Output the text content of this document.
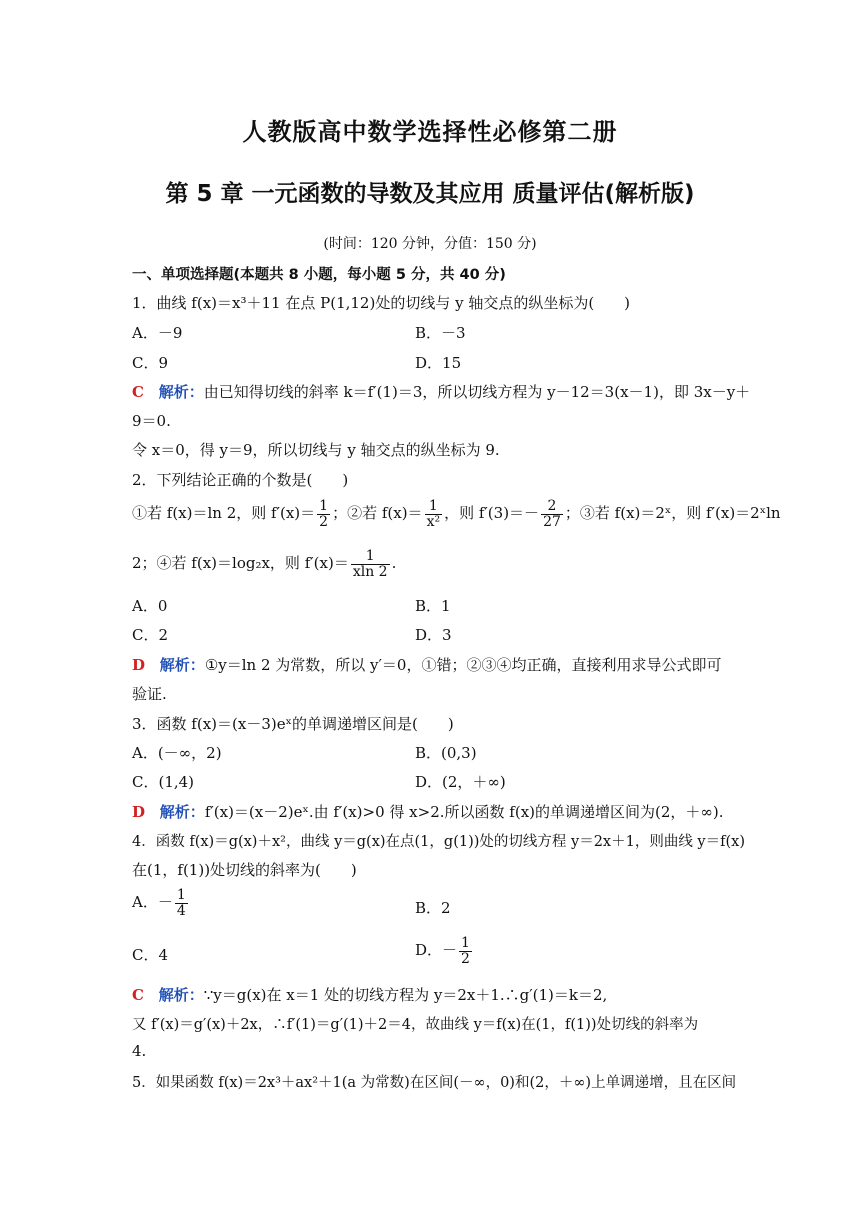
人教版高中数学选择性必修第二册
第 5 章 一元函数的导数及其应用 质量评估(解析版)
(时间：120 分钟，分值：150 分)
一、单项选择题(本题共 8 小题，每小题 5 分，共 40 分)
1．曲线 f(x)＝x³＋11 在点 P(1,12)处的切线与 y 轴交点的纵坐标为(　　)
A．－9	B．－3
C．9	D．15
C 解析：由已知得切线的斜率 k＝f′(1)＝3，所以切线方程为 y－12＝3(x－1)，即 3x－y＋
9＝0.
令 x＝0，得 y＝9，所以切线与 y 轴交点的纵坐标为 9.
2．下列结论正确的个数是(　　)
①若 f(x)＝ln 2，则 $f'(x)= \frac{1}{2}$ ；②若 $f(x)= \frac{1}{\text{x²}}$ ，则 $f'(3)=- \frac{2}{27}$ ；③若 f(x)＝2ˣ，则 f′(x)＝2ˣln
2；④若 f(x)＝log₂x，则 $f'(x)= \frac{1}{xln 2}$ .
A．0	B．1
C．2	D．3
D 解析：①y＝ln 2 为常数，所以 y′＝0，①错；②③④均正确，直接利用求导公式即可
验证.
3．函数 f(x)＝(x－3)eˣ的单调递增区间是(　　)
A．(－∞，2)	B．(0,3)
C．(1,4)	D．(2，＋∞)
D 解析：f′(x)＝(x－2)eˣ.由 f′(x)>0 得 x>2.所以函数 f(x)的单调递增区间为(2，＋∞).
4．函数 f(x)＝g(x)＋x²，曲线 y＝g(x)在点(1，g(1))处的切线方程 y＝2x＋1，则曲线 y＝f(x)
在(1，f(1))处切线的斜率为(　　)
A．－ $\frac{1}{4}$	B．2
C．4	D．－ $\frac{1}{2}$
C 解析：∵y＝g(x)在 x＝1 处的切线方程为 y＝2x＋1.∴g′(1)＝k＝2,
又 f′(x)＝g′(x)＋2x，∴f′(1)＝g′(1)＋2＝4，故曲线 y＝f(x)在(1，f(1))处切线的斜率为
4.
5．如果函数 f(x)＝2x³＋ax²＋1(a 为常数)在区间(－∞，0)和(2，＋∞)上单调递增，且在区间
